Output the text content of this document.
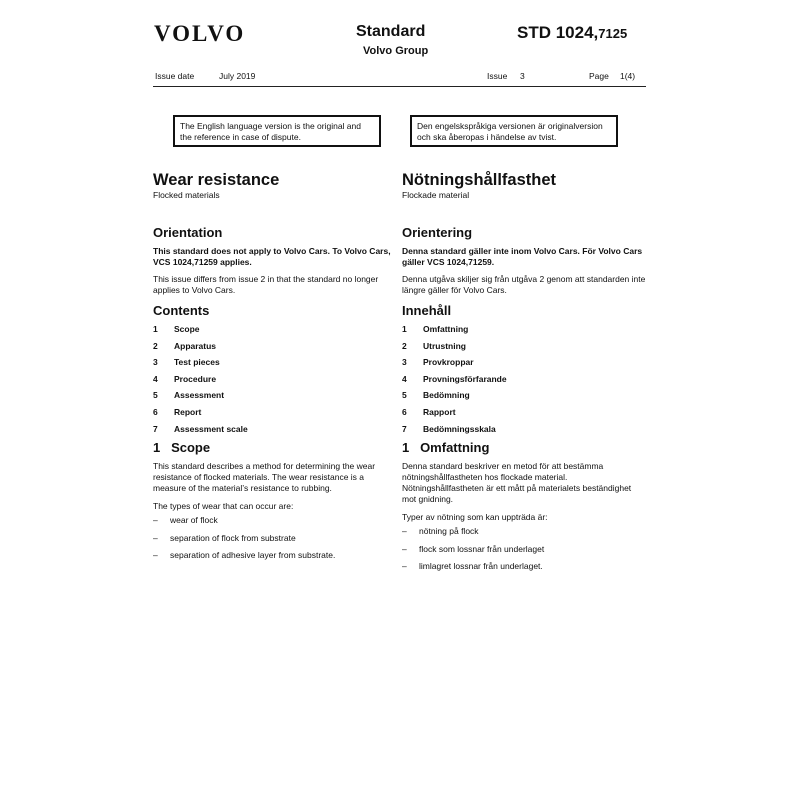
VOLVO	Standard
Volvo Group
STD 1024,7125
Issue date	July 2019	Issue 3	Page 1(4)
The English language version is the original and the reference in case of dispute.
Den engelskspråkiga versionen är originalversion och ska åberopas i händelse av tvist.
Wear resistance

Flocked materials

Orientation

This standard does not apply to Volvo Cars. To Volvo Cars, VCS 1024,71259 applies.

This issue differs from issue 2 in that the standard no longer applies to Volvo Cars.

Contents
1	Scope
2	Apparatus
3	Test pieces
4	Procedure
5	Assessment
6	Report
7	Assessment scale
1   Scope

This standard describes a method for determining the wear resistance of flocked materials. The wear resistance is a measure of the material’s resistance to rubbing.

The types of wear that can occur are:

–	wear of flock
–	separation of flock from substrate
–	separation of adhesive layer from substrate.
Nötningshållfasthet

Flockade material

Orientering

Denna standard gäller inte inom Volvo Cars. För Volvo Cars gäller VCS 1024,71259.

Denna utgåva skiljer sig från utgåva 2 genom att standarden inte längre gäller för Volvo Cars.

Innehåll
1	Omfattning
2	Utrustning
3	Provkroppar
4	Provningsförfarande
5	Bedömning
6	Rapport
7	Bedömningsskala
1   Omfattning

Denna standard beskriver en metod för att bestämma nötningshållfastheten hos flockade material. Nötningshållfastheten är ett mått på materialets beständighet mot gnidning.

Typer av nötning som kan uppträda är:

–	nötning på flock
–	flock som lossnar från underlaget
–	limlagret lossnar från underlaget.
